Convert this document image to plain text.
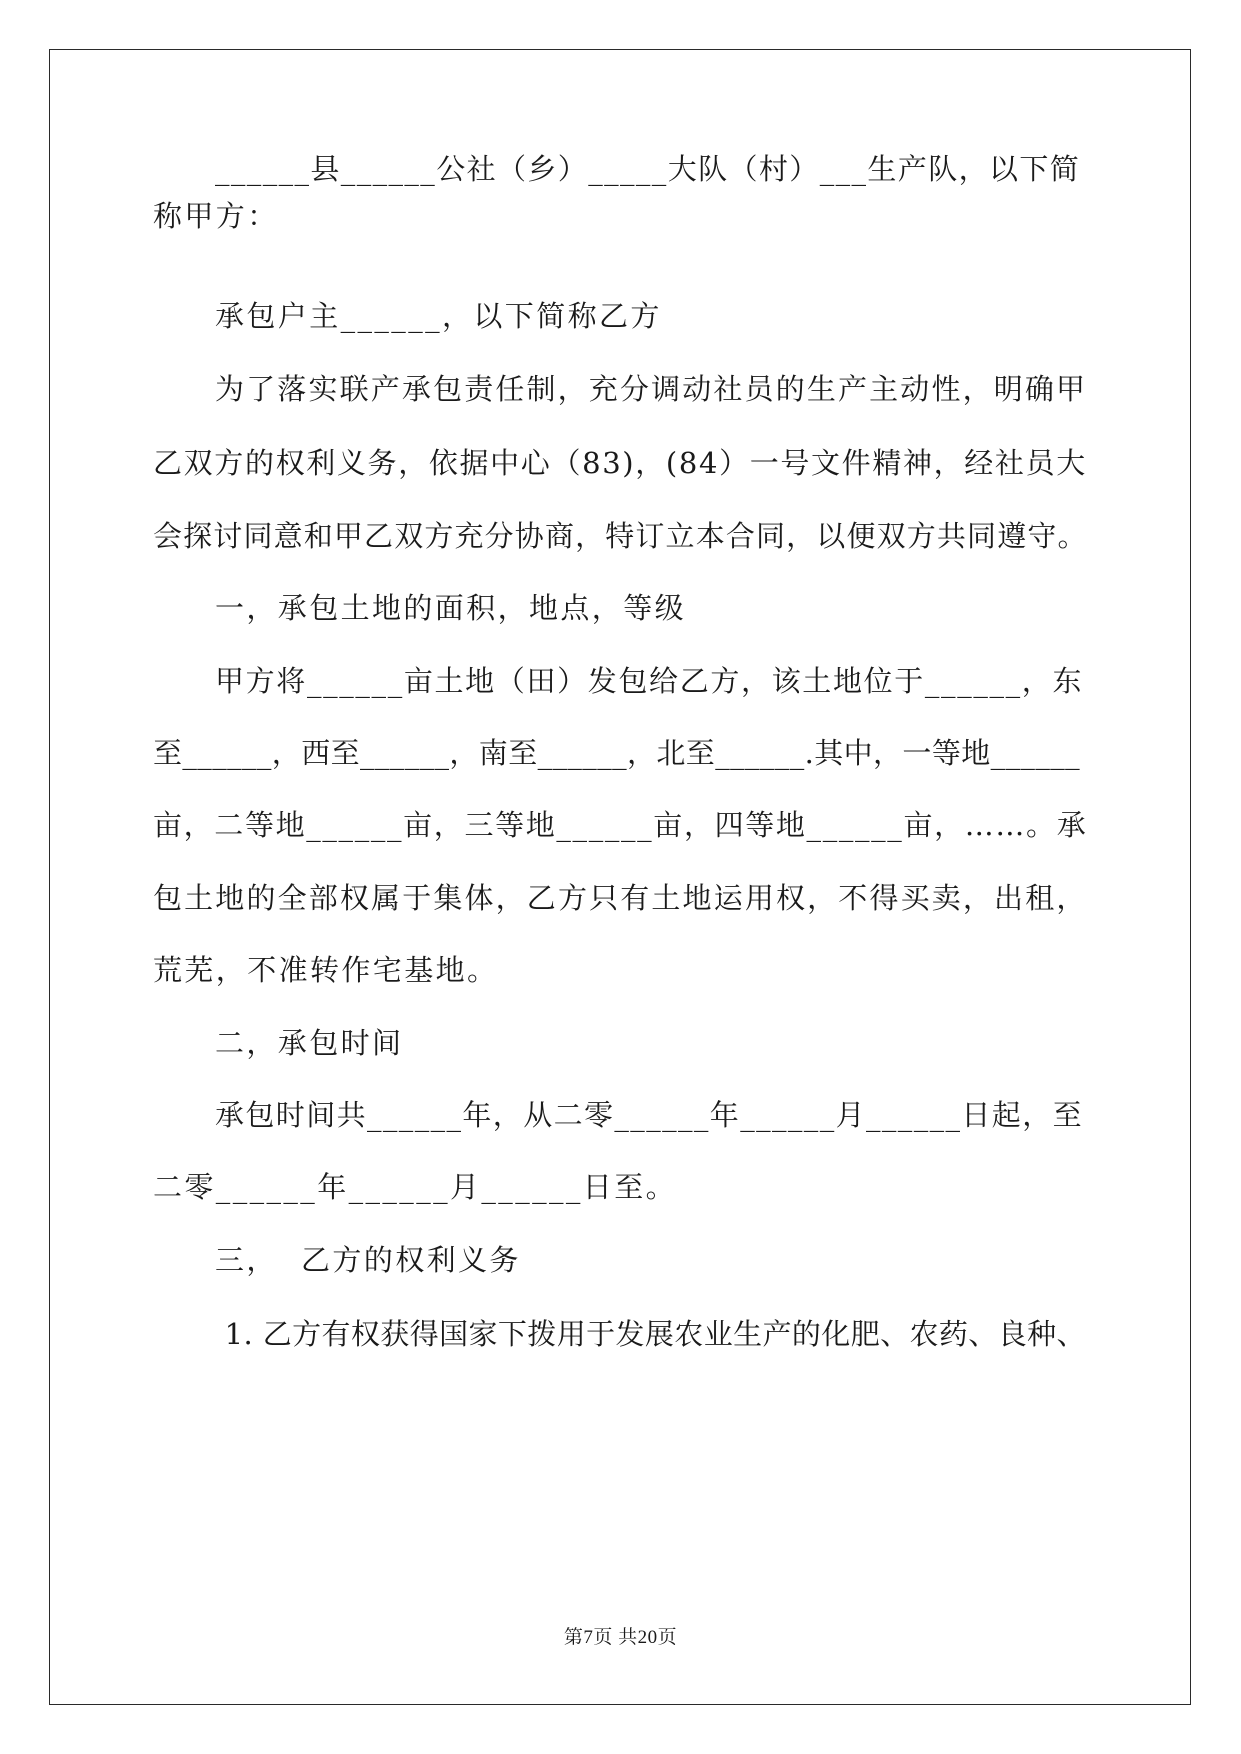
______县______公社（乡）_____大队（村）___生产队，以下简
称甲方：
承包户主______，以下简称乙方
为了落实联产承包责任制，充分调动社员的生产主动性，明确甲
乙双方的权利义务，依据中心（83)，(84）一号文件精神，经社员大
会探讨同意和甲乙双方充分协商，特订立本合同，以便双方共同遵守。
一，承包土地的面积，地点，等级
甲方将______亩土地（田）发包给乙方，该土地位于______，东
至______，西至______，南至______，北至______.其中，一等地______
亩，二等地______亩，三等地______亩，四等地______亩，……。承
包土地的全部权属于集体，乙方只有土地运用权，不得买卖，出租，
荒芜，不准转作宅基地。
二，承包时间
承包时间共______年，从二零______年______月______日起，至
二零______年______月______日至。
三，  乙方的权利义务
1. 乙方有权获得国家下拨用于发展农业生产的化肥、农药、良种、
第7页 共20页
